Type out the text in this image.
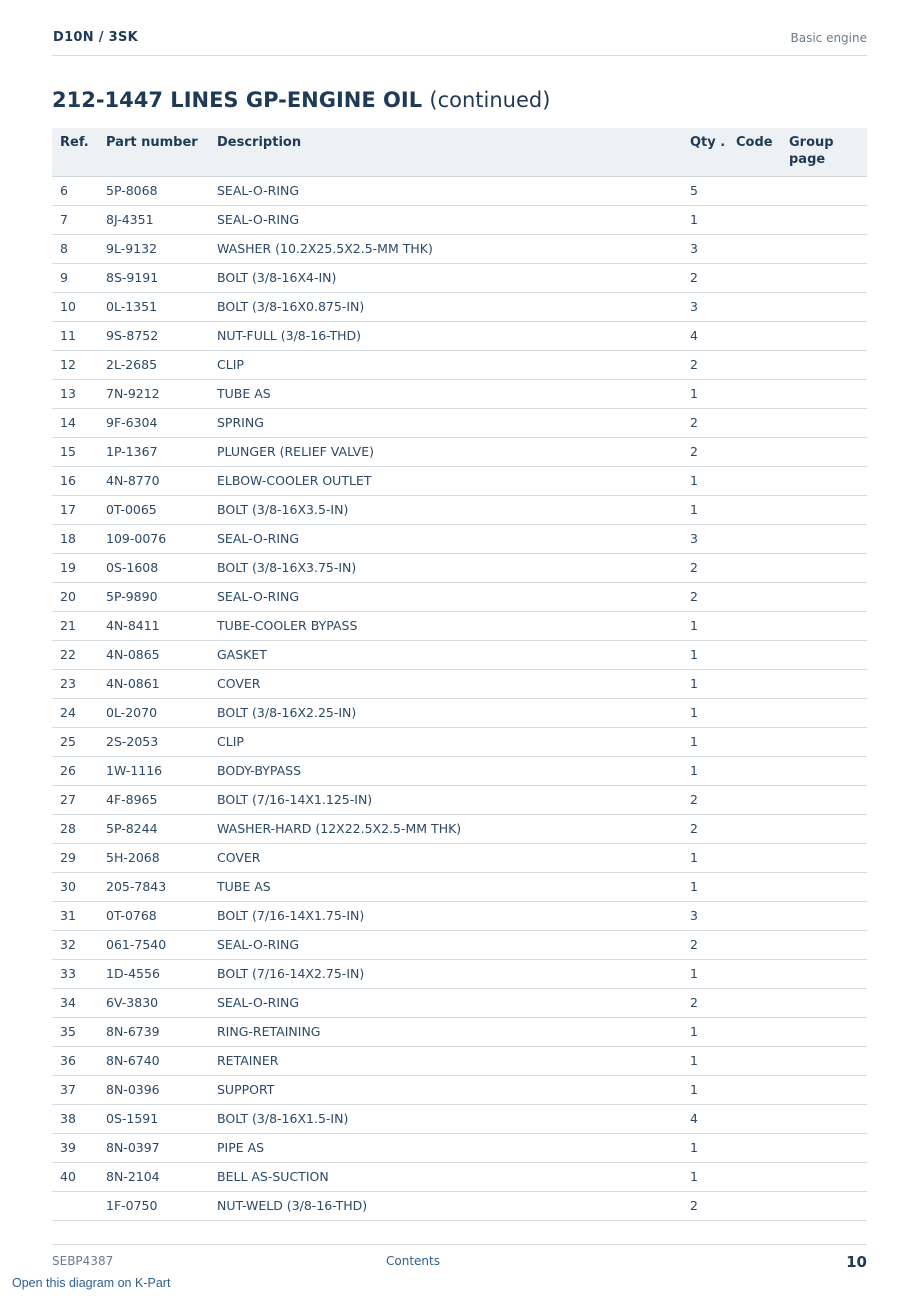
D10N / 3SK	Basic engine
212-1447 LINES GP-ENGINE OIL (continued)
Ref.	Part number	Description	Qty .	Code	Group page
6	5P-8068	SEAL-O-RING	5		
7	8J-4351	SEAL-O-RING	1		
8	9L-9132	WASHER (10.2X25.5X2.5-MM THK)	3		
9	8S-9191	BOLT (3/8-16X4-IN)	2		
10	0L-1351	BOLT (3/8-16X0.875-IN)	3		
11	9S-8752	NUT-FULL (3/8-16-THD)	4		
12	2L-2685	CLIP	2		
13	7N-9212	TUBE AS	1		
14	9F-6304	SPRING	2		
15	1P-1367	PLUNGER (RELIEF VALVE)	2		
16	4N-8770	ELBOW-COOLER OUTLET	1		
17	0T-0065	BOLT (3/8-16X3.5-IN)	1		
18	109-0076	SEAL-O-RING	3		
19	0S-1608	BOLT (3/8-16X3.75-IN)	2		
20	5P-9890	SEAL-O-RING	2		
21	4N-8411	TUBE-COOLER BYPASS	1		
22	4N-0865	GASKET	1		
23	4N-0861	COVER	1		
24	0L-2070	BOLT (3/8-16X2.25-IN)	1		
25	2S-2053	CLIP	1		
26	1W-1116	BODY-BYPASS	1		
27	4F-8965	BOLT (7/16-14X1.125-IN)	2		
28	5P-8244	WASHER-HARD (12X22.5X2.5-MM THK)	2		
29	5H-2068	COVER	1		
30	205-7843	TUBE AS	1		
31	0T-0768	BOLT (7/16-14X1.75-IN)	3		
32	061-7540	SEAL-O-RING	2		
33	1D-4556	BOLT (7/16-14X2.75-IN)	1		
34	6V-3830	SEAL-O-RING	2		
35	8N-6739	RING-RETAINING	1		
36	8N-6740	RETAINER	1		
37	8N-0396	SUPPORT	1		
38	0S-1591	BOLT (3/8-16X1.5-IN)	4		
39	8N-0397	PIPE AS	1		
40	8N-2104	BELL AS-SUCTION	1		
	1F-0750	NUT-WELD (3/8-16-THD)	2		
SEBP4387	Contents	10
Open this diagram on K-Part
